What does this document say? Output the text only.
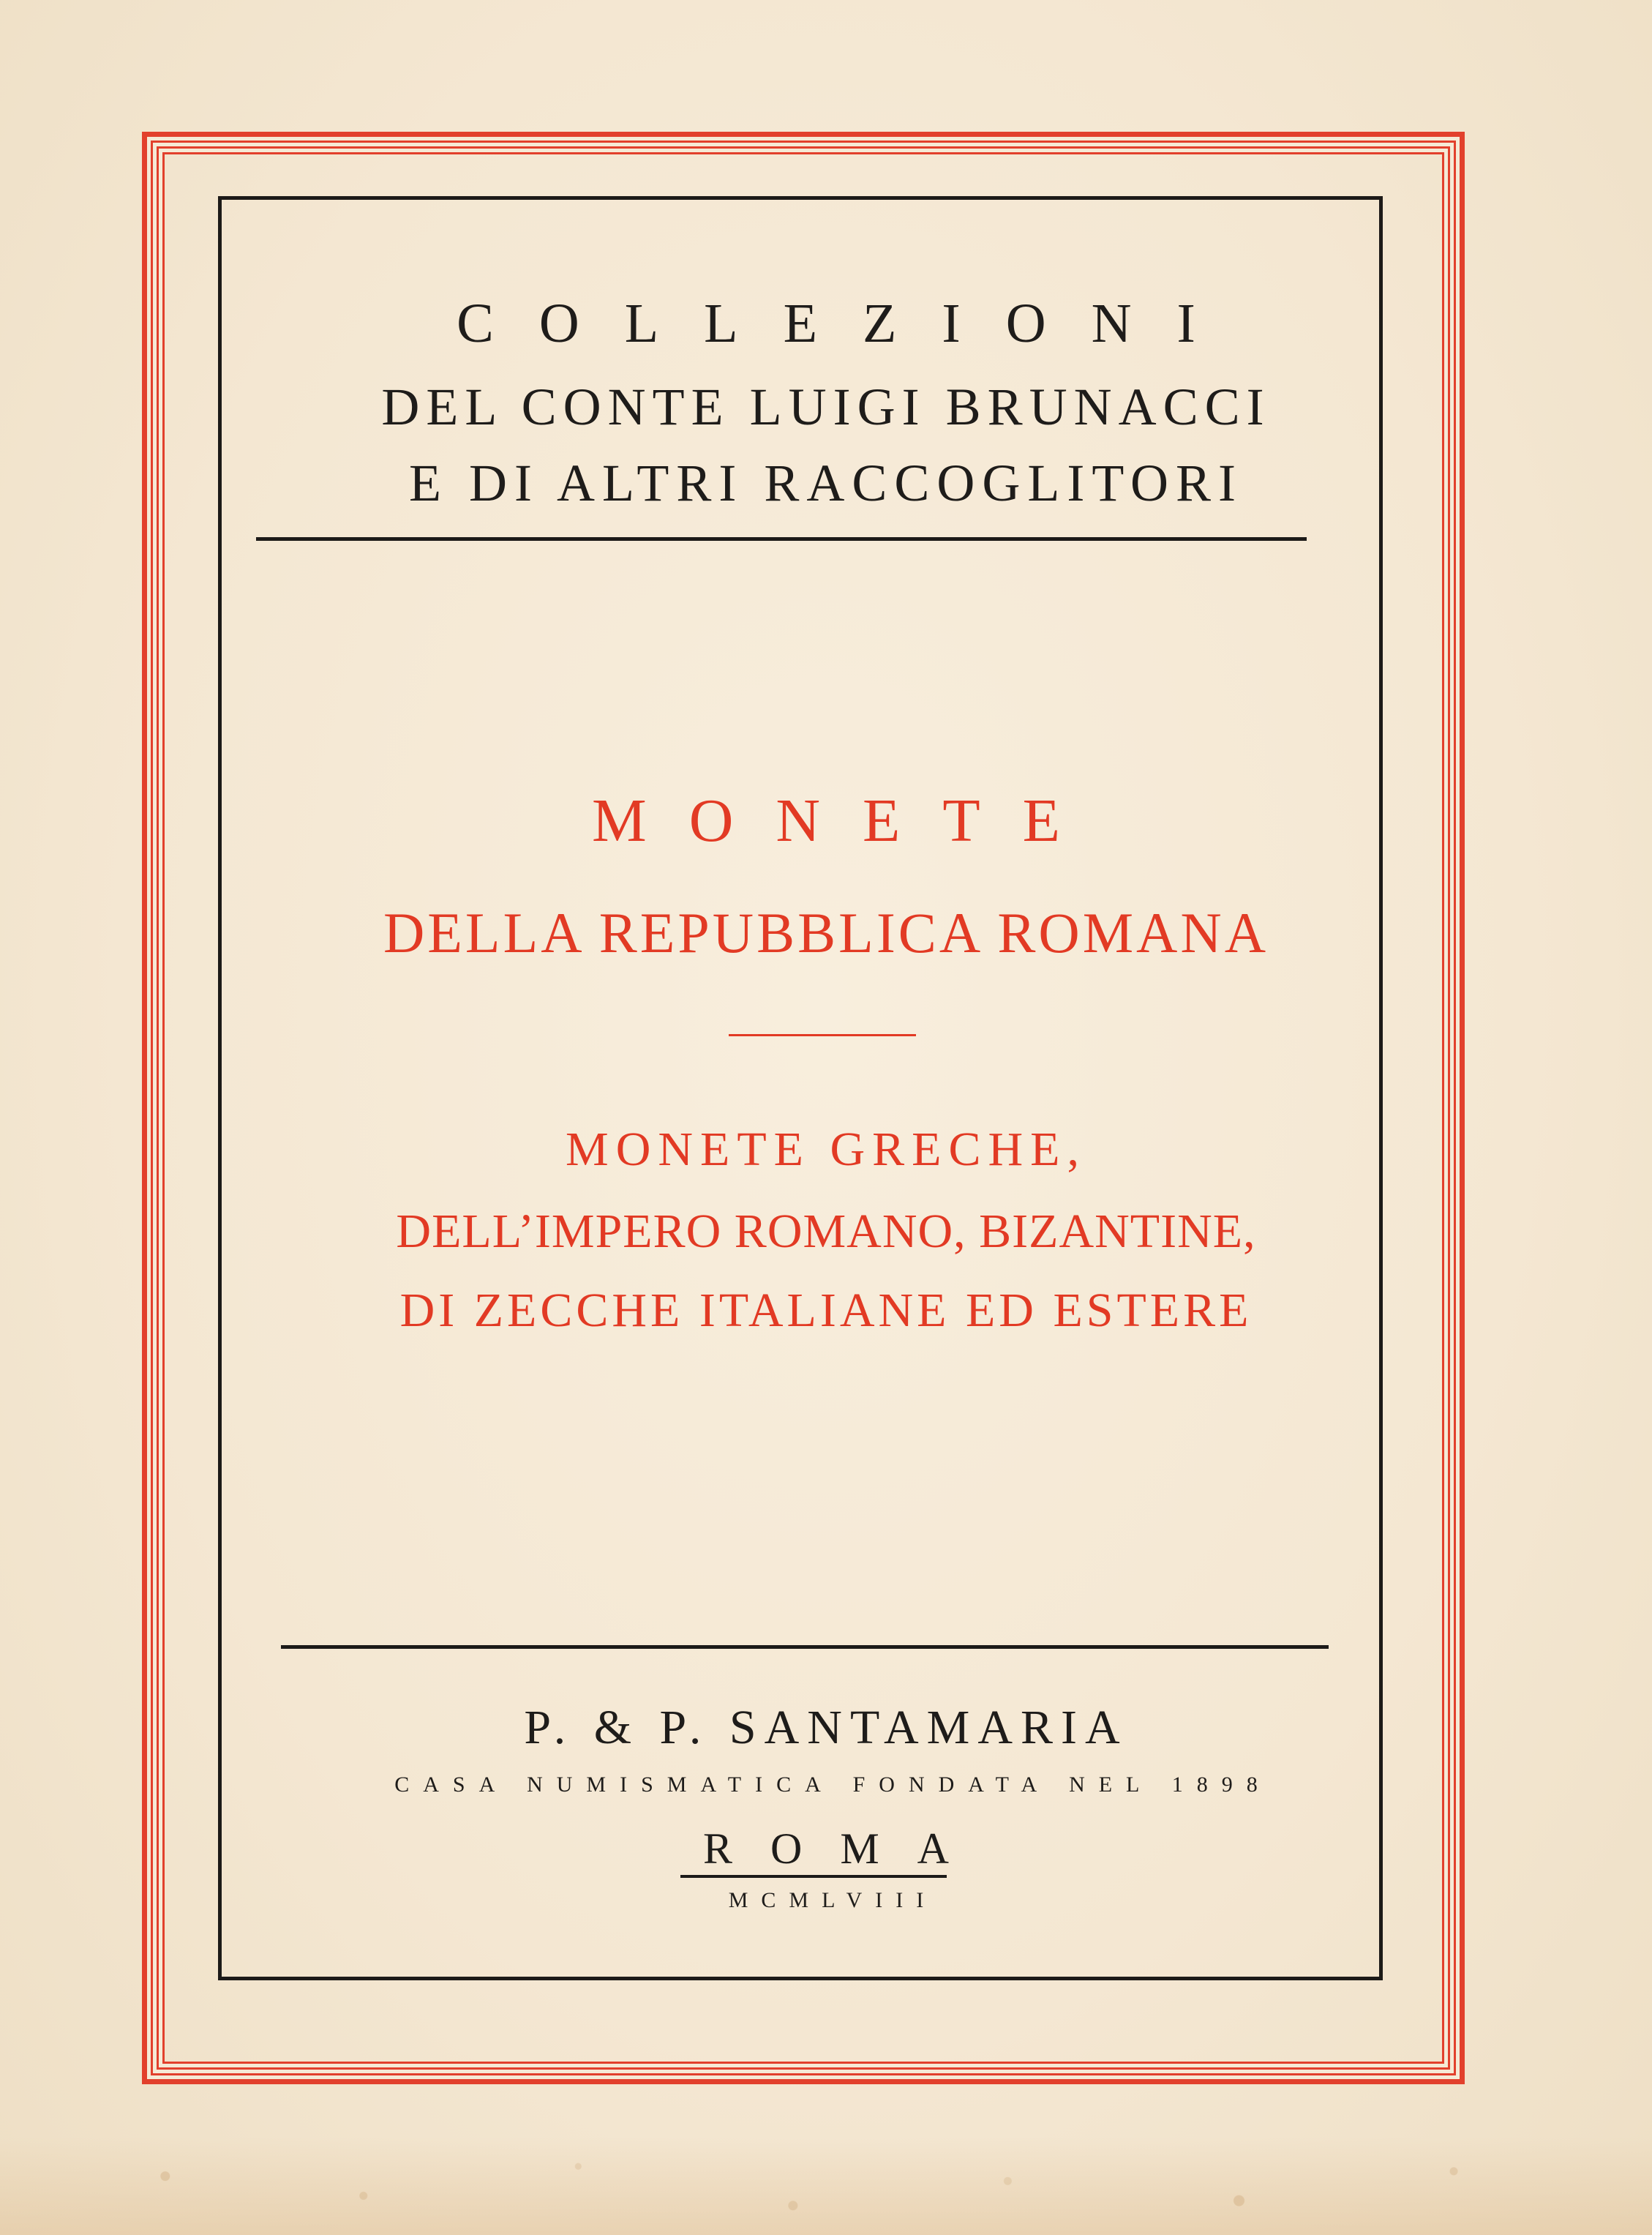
COLLEZIONI
DEL CONTE LUIGI BRUNACCI
E DI ALTRI RACCOGLITORI
MONETE
DELLA REPUBBLICA ROMANA
MONETE GRECHE,
DELL’IMPERO ROMANO, BIZANTINE,
DI ZECCHE ITALIANE ED ESTERE
P. & P. SANTAMARIA
CASA NUMISMATICA FONDATA NEL 1898
ROMA
MCMLVIII
